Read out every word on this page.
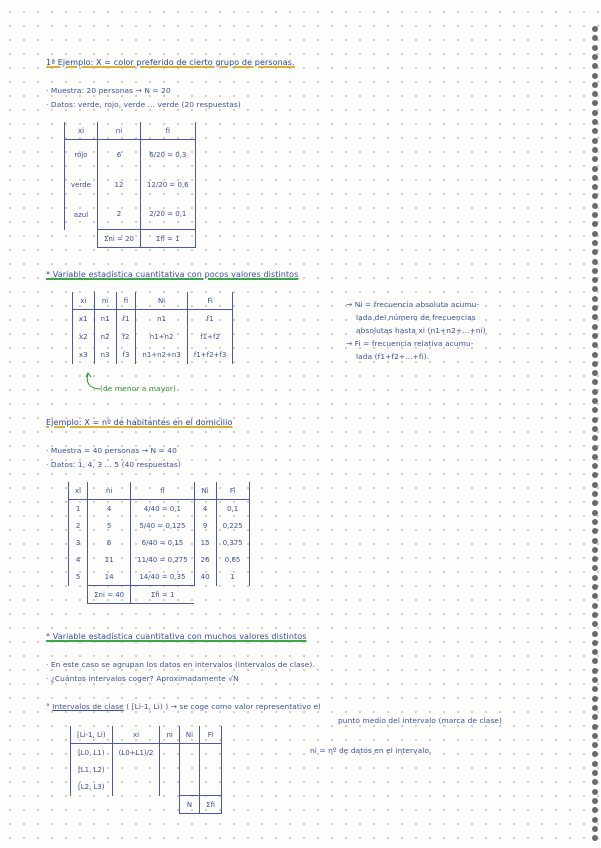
1ª Ejemplo: X = color preferido de cierto grupo de personas.
· Muestra: 20 personas → N = 20
· Datos: verde, rojo, verde ... verde (20 respuestas)
xi	ni	fi
rojo	6	6/20 = 0,3
verde	12	12/20 = 0,6
azul	2	2/20 = 0,1
	Σni = 20	Σfi = 1
* Variable estadística cuantitativa con pocos valores distintos
xi	ni	fi	Ni	Fi
x1	n1	f1	n1	f1
x2	n2	f2	n1+n2	f1+f2
x3	n3	f3	n1+n2+n3	f1+f2+f3
→ Ni = frecuencia absoluta acumu-
lada del número de frecuencias
absolutas hasta xi (n1+n2+...+ni)
→ Fi = frecuencia relativa acumu-
lada (f1+f2+...+fi).
(de menor a mayor)
Ejemplo: X = nº de habitantes en el domicilio
· Muestra = 40 personas → N = 40
· Datos: 1, 4, 3 ... 5 (40 respuestas)
xi	ni	fi	Ni	Fi
1	4	4/40 = 0,1	4	0,1
2	5	5/40 = 0,125	9	0,225
3	6	6/40 = 0,15	15	0,375
4	11	11/40 = 0,275	26	0,65
5	14	14/40 = 0,35	40	1
	Σni = 40	Σfi = 1		
* Variable estadística cuantitativa con muchos valores distintos
· En este caso se agrupan los datos en intervalos (intervalos de clase).
· ¿Cuántos intervalos coger? Aproximadamente √N
° Intervalos de clase ( [Li-1, Li) ) → se coge como valor representativo el
punto medio del intervalo (marca de clase)
[Li-1, Li)	xi	ni	Ni	Fi
[L0, L1)	(L0+L1)/2			
[L1, L2)				
[L2, L3)				
			N	Σfi
ni = nº de datos en el intervalo.
